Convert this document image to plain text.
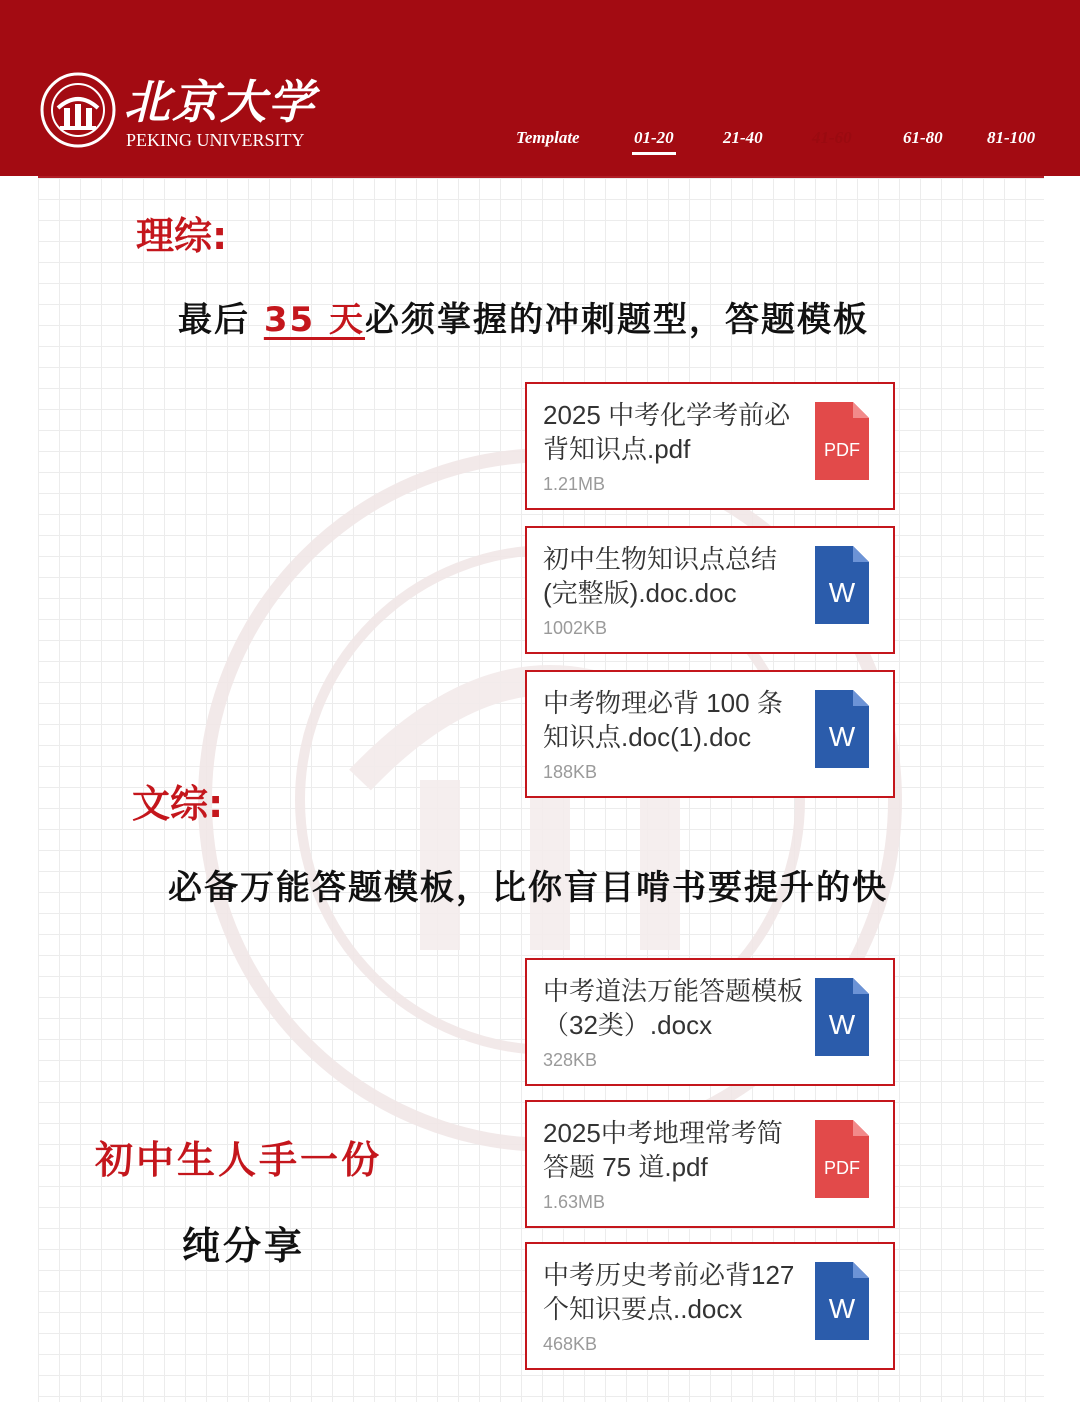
北京大学
PEKING UNIVERSITY	Template	01-20	21-40	41-60	61-80	81-100
理综:
最后 35 天必须掌握的冲刺题型，答题模板
2025 中考化学考前必背知识点.pdf
1.21MB
PDF
初中生物知识点总结(完整版).doc.doc
1002KB
W
中考物理必背 100 条知识点.doc(1).doc
188KB
W
文综:
必备万能答题模板，比你盲目啃书要提升的快
中考道法万能答题模板（32类）.docx
328KB
W
2025中考地理常考简答题 75 道.pdf
1.63MB
PDF
中考历史考前必背127个知识要点..docx
468KB
W
初中生人手一份
纯分享
